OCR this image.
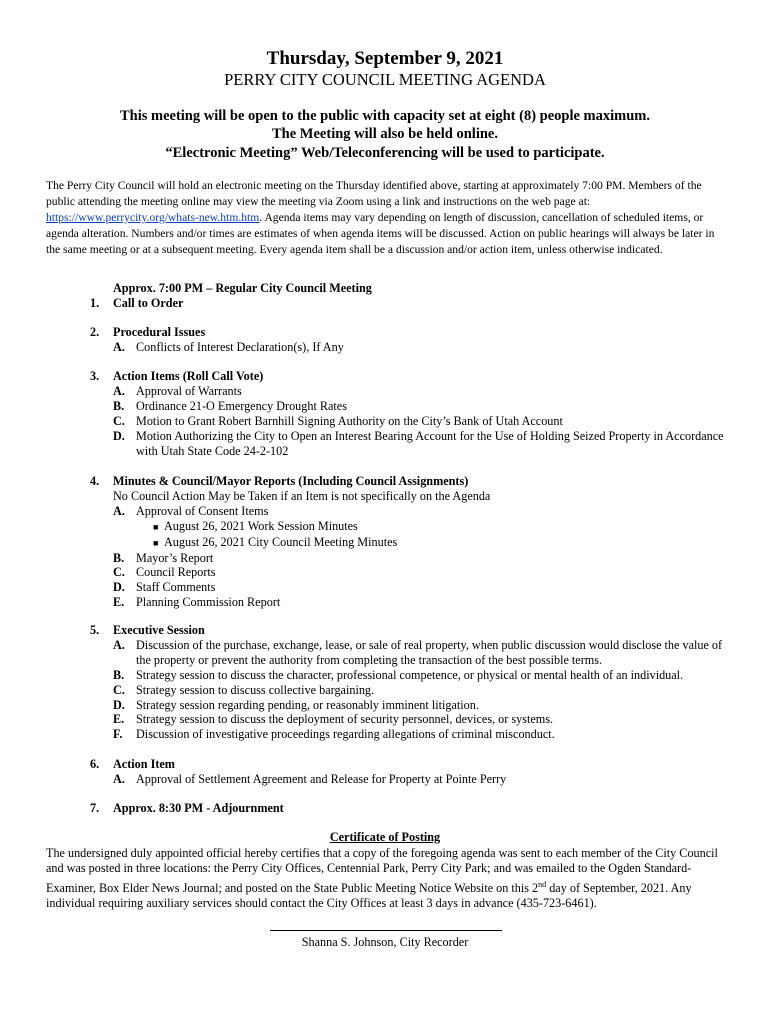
Thursday, September 9, 2021
PERRY CITY COUNCIL MEETING AGENDA
This meeting will be open to the public with capacity set at eight (8) people maximum.
The Meeting will also be held online.
“Electronic Meeting” Web/Teleconferencing will be used to participate.
The Perry City Council will hold an electronic meeting on the Thursday identified above, starting at approximately 7:00 PM. Members of the public attending the meeting online may view the meeting via Zoom using a link and instructions on the web page at: https://www.perrycity.org/whats-new.htm.htm. Agenda items may vary depending on length of discussion, cancellation of scheduled items, or agenda alteration. Numbers and/or times are estimates of when agenda items will be discussed. Action on public hearings will always be later in the same meeting or at a subsequent meeting. Every agenda item shall be a discussion and/or action item, unless otherwise indicated.
Approx. 7:00 PM – Regular City Council Meeting
1. Call to Order
2. Procedural Issues
A. Conflicts of Interest Declaration(s), If Any
3. Action Items (Roll Call Vote)
A. Approval of Warrants
B. Ordinance 21-O Emergency Drought Rates
C. Motion to Grant Robert Barnhill Signing Authority on the City’s Bank of Utah Account
D. Motion Authorizing the City to Open an Interest Bearing Account for the Use of Holding Seized Property in Accordance with Utah State Code 24-2-102
4. Minutes & Council/Mayor Reports (Including Council Assignments)
No Council Action May be Taken if an Item is not specifically on the Agenda
A. Approval of Consent Items
■ August 26, 2021 Work Session Minutes
■ August 26, 2021 City Council Meeting Minutes
B. Mayor’s Report
C. Council Reports
D. Staff Comments
E. Planning Commission Report
5. Executive Session
A. Discussion of the purchase, exchange, lease, or sale of real property, when public discussion would disclose the value of the property or prevent the authority from completing the transaction of the best possible terms.
B. Strategy session to discuss the character, professional competence, or physical or mental health of an individual.
C. Strategy session to discuss collective bargaining.
D. Strategy session regarding pending, or reasonably imminent litigation.
E. Strategy session to discuss the deployment of security personnel, devices, or systems.
F. Discussion of investigative proceedings regarding allegations of criminal misconduct.
6. Action Item
A. Approval of Settlement Agreement and Release for Property at Pointe Perry
7. Approx. 8:30 PM - Adjournment
Certificate of Posting
The undersigned duly appointed official hereby certifies that a copy of the foregoing agenda was sent to each member of the City Council and was posted in three locations: the Perry City Offices, Centennial Park, Perry City Park; and was emailed to the Ogden Standard-Examiner, Box Elder News Journal; and posted on the State Public Meeting Notice Website on this 2nd day of September, 2021. Any individual requiring auxiliary services should contact the City Offices at least 3 days in advance (435-723-6461).
Shanna S. Johnson, City Recorder
